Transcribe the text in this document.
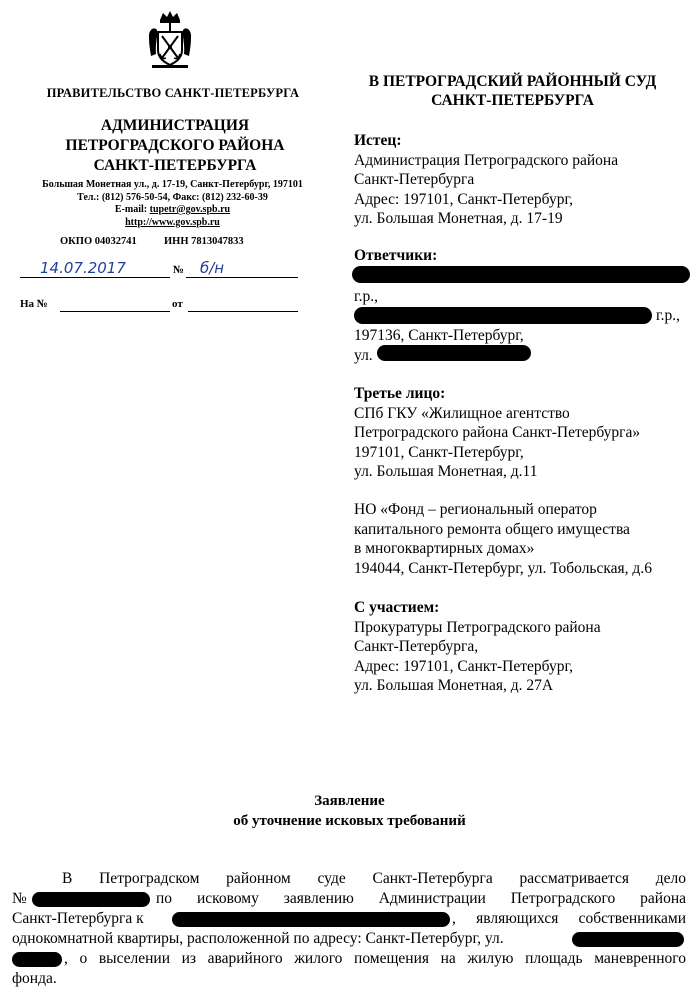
ПРАВИТЕЛЬСТВО САНКТ-ПЕТЕРБУРГА
АДМИНИСТРАЦИЯ
ПЕТРОГРАДСКОГО РАЙОНА
САНКТ-ПЕТЕРБУРГА
Большая Монетная ул., д. 17-19, Санкт-Петербург, 197101
Тел.: (812) 576-50-54, Факс: (812) 232-60-39
E-mail: tupetr@gov.spb.ru
http://www.gov.spb.ru
ОКПО 04032741	ИНН 7813047833
14.07.2017	№ б/н
На №	от
В ПЕТРОГРАДСКИЙ РАЙОННЫЙ СУД
САНКТ-ПЕТЕРБУРГА
Истец:
Администрация Петроградского района
Санкт-Петербурга
Адрес: 197101, Санкт-Петербург,
ул. Большая Монетная, д. 17-19
Ответчики:
г.р.,
г.р.,
197136, Санкт-Петербург,
ул.
Третье лицо:
СПб ГКУ «Жилищное агентство
Петроградского района Санкт-Петербурга»
197101, Санкт-Петербург,
ул. Большая Монетная, д.11
НО «Фонд – региональный оператор
капитального ремонта общего имущества
в многоквартирных домах»
194044, Санкт-Петербург, ул. Тобольская, д.6
С участием:
Прокуратуры Петроградского района
Санкт-Петербурга,
Адрес: 197101, Санкт-Петербург,
ул. Большая Монетная, д. 27А
Заявление
об уточнение исковых требований
В Петроградском районном суде Санкт-Петербурга рассматривается дело
№	по исковому заявлению Администрации Петроградского района
Санкт-Петербурга к	, являющихся собственниками
однокомнатной квартиры, расположенной по адресу: Санкт-Петербург, ул.
, о выселении из аварийного жилого помещения на жилую площадь маневренного
фонда.
